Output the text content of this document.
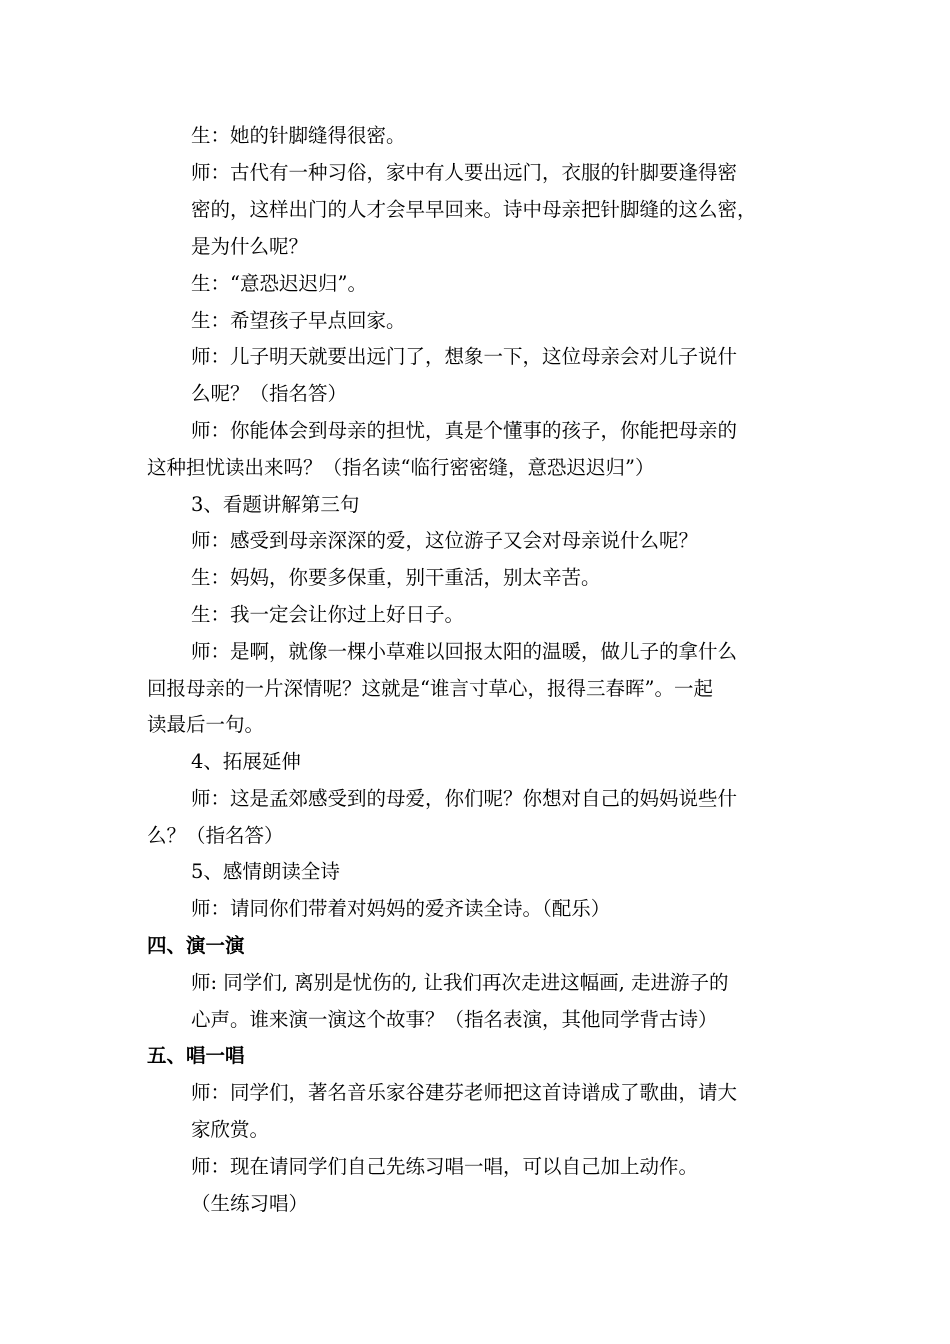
生：她的针脚缝得很密。
师：古代有一种习俗，家中有人要出远门，衣服的针脚要逢得密
密的，这样出门的人才会早早回来。诗中母亲把针脚缝的这么密，
是为什么呢？
生：“意恐迟迟归”。
生：希望孩子早点回家。
师：儿子明天就要出远门了，想象一下，这位母亲会对儿子说什
么呢？（指名答）
师：你能体会到母亲的担忧，真是个懂事的孩子，你能把母亲的
这种担忧读出来吗？（指名读“临行密密缝，意恐迟迟归”）
3、看题讲解第三句
师：感受到母亲深深的爱，这位游子又会对母亲说什么呢？
生：妈妈，你要多保重，别干重活，别太辛苦。
生：我一定会让你过上好日子。
师：是啊，就像一棵小草难以回报太阳的温暖，做儿子的拿什么
回报母亲的一片深情呢？这就是“谁言寸草心，报得三春晖”。一起
读最后一句。
4、拓展延伸
师：这是孟郊感受到的母爱，你们呢？你想对自己的妈妈说些什
么？（指名答）
5、感情朗读全诗
师：请同你们带着对妈妈的爱齐读全诗。（配乐）
四、演一演
师: 同学们, 离别是忧伤的, 让我们再次走进这幅画, 走进游子的
心声。谁来演一演这个故事？（指名表演，其他同学背古诗）
五、唱一唱
师：同学们，著名音乐家谷建芬老师把这首诗谱成了歌曲，请大
家欣赏。
师：现在请同学们自己先练习唱一唱，可以自己加上动作。
（生练习唱）
